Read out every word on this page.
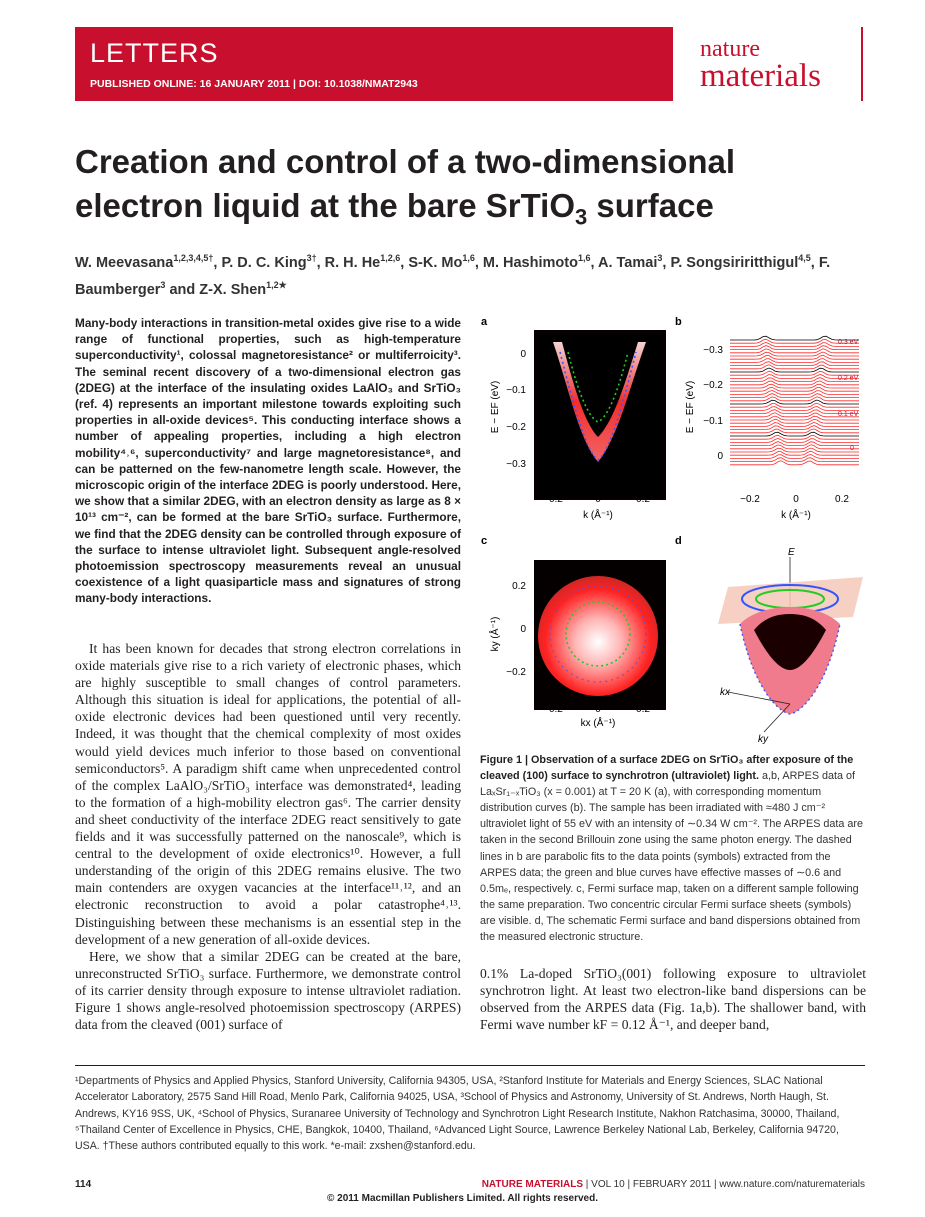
LETTERS
PUBLISHED ONLINE: 16 JANUARY 2011 | DOI: 10.1038/NMAT2943
nature
materials
Creation and control of a two-dimensional
electron liquid at the bare SrTiO$_3$ surface
W. Meevasana$^{1,2,3,4,5\dagger}$, P. D. C. King$^{3\dagger}$, R. H. He$^{1,2,6}$, S-K. Mo$^{1,6}$, M. Hashimoto$^{1,6}$, A. Tamai$^3$, P. Songsiriritthigul$^{4,5}$, F. Baumberger$^3$ and Z-X. Shen$^{1,2★}$
Many-body interactions in transition-metal oxides give rise to a wide range of functional properties, such as high-temperature superconductivity¹, colossal magnetoresistance² or multiferroicity³. The seminal recent discovery of a two-dimensional electron gas (2DEG) at the interface of the insulating oxides LaAlO₃ and SrTiO₃ (ref. 4) represents an important milestone towards exploiting such properties in all-oxide devices⁵. This conducting interface shows a number of appealing properties, including a high electron mobility⁴˒⁶, superconductivity⁷ and large magnetoresistance⁸, and can be patterned on the few-nanometre length scale. However, the microscopic origin of the interface 2DEG is poorly understood. Here, we show that a similar 2DEG, with an electron density as large as 8 × 10¹³ cm⁻², can be formed at the bare SrTiO₃ surface. Furthermore, we find that the 2DEG density can be controlled through exposure of the surface to intense ultraviolet light. Subsequent angle-resolved photoemission spectroscopy measurements reveal an unusual coexistence of a light quasiparticle mass and signatures of strong many-body interactions.

It has been known for decades that strong electron correlations in oxide materials give rise to a rich variety of electronic phases, which are highly susceptible to small changes of control parameters. Although this situation is ideal for applications, the potential of all-oxide electronic devices had been questioned until very recently. Indeed, it was thought that the chemical complexity of most oxides would yield devices much inferior to those based on conventional semiconductors⁵. A paradigm shift came when unprecedented control of the complex LaAlO₃/SrTiO₃ interface was demonstrated⁴, leading to the formation of a high-mobility electron gas⁶. The carrier density and sheet conductivity of the interface 2DEG react sensitively to gate fields and it was successfully patterned on the nanoscale⁹, which is central to the development of oxide electronics¹⁰. However, a full understanding of the origin of this 2DEG remains elusive. The two main contenders are oxygen vacancies at the interface¹¹˒¹², and an electronic reconstruction to avoid a polar catastrophe⁴˒¹³. Distinguishing between these mechanisms is an essential step in the development of a new generation of all-oxide devices.

Here, we show that a similar 2DEG can be created at the bare, unreconstructed SrTiO₃ surface. Furthermore, we demonstrate control of its carrier density through exposure to intense ultraviolet radiation. Figure 1 shows angle-resolved photoemission spectroscopy (ARPES) data from the cleaved (001) surface of

a
0
−0.1
−0.2
−0.3
E − EF (eV)
−0.2	0	0.2
k (Å⁻¹)
b
−0.3
−0.2
−0.1
0
E − EF (eV)
0.3 eV
0.2 eV
0.1 eV
0
−0.2	0	0.2
k (Å⁻¹)
c
0.2
0
−0.2
ky (Å⁻¹)
−0.2	0	0.2
kx (Å⁻¹)
d
E
kx
ky
Figure 1 | Observation of a surface 2DEG on SrTiO₃ after exposure of the cleaved (100) surface to synchrotron (ultraviolet) light. a,b, ARPES data of LaₓSr₁₋ₓTiO₃ (x = 0.001) at T = 20 K (a), with corresponding momentum distribution curves (b). The sample has been irradiated with ≈480 J cm⁻² ultraviolet light of 55 eV with an intensity of ∼0.34 W cm⁻². The ARPES data are taken in the second Brillouin zone using the same photon energy. The dashed lines in b are parabolic fits to the data points (symbols) extracted from the ARPES data; the green and blue curves have effective masses of ∼0.6 and 0.5mₑ, respectively. c, Fermi surface map, taken on a different sample following the same preparation. Two concentric circular Fermi surface sheets (symbols) are visible. d, The schematic Fermi surface and band dispersions obtained from the measured electronic structure.

0.1% La-doped SrTiO₃(001) following exposure to ultraviolet synchrotron light. At least two electron-like band dispersions can be observed from the ARPES data (Fig. 1a,b). The shallower band, with Fermi wave number kF = 0.12 Å⁻¹, and deeper band,

¹Departments of Physics and Applied Physics, Stanford University, California 94305, USA, ²Stanford Institute for Materials and Energy Sciences, SLAC National Accelerator Laboratory, 2575 Sand Hill Road, Menlo Park, California 94025, USA, ³School of Physics and Astronomy, University of St. Andrews, North Haugh, St. Andrews, KY16 9SS, UK, ⁴School of Physics, Suranaree University of Technology and Synchrotron Light Research Institute, Nakhon Ratchasima, 30000, Thailand, ⁵Thailand Center of Excellence in Physics, CHE, Bangkok, 10400, Thailand, ⁶Advanced Light Source, Lawrence Berkeley National Lab, Berkeley, California 94720, USA. †These authors contributed equally to this work. *e-mail: zxshen@stanford.edu.
114	NATURE MATERIALS | VOL 10 | FEBRUARY 2011 | www.nature.com/naturematerials
© 2011 Macmillan Publishers Limited. All rights reserved.
